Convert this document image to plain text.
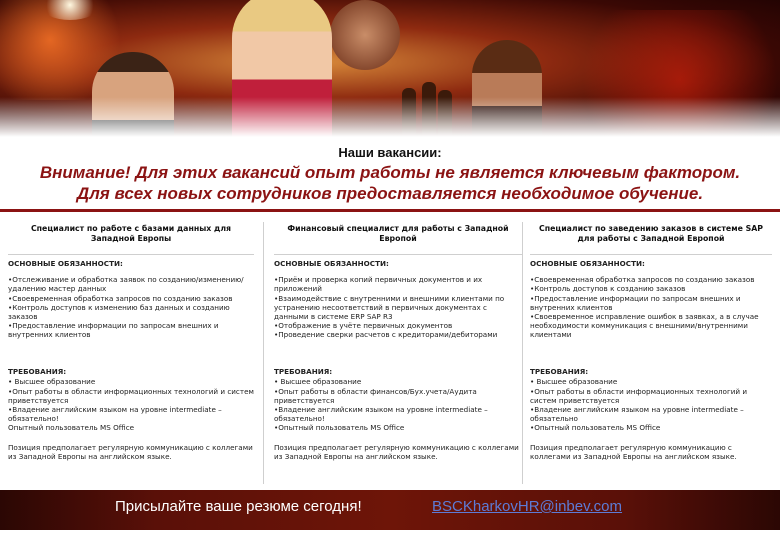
Наши вакансии:
Внимание! Для этих вакансий опыт работы не является ключевым фактором.
Для всех новых сотрудников предоставляется необходимое обучение.
Специалист по работе с базами данных для Западной Европы
ОСНОВНЫЕ ОБЯЗАННОСТИ:
•Отслеживание и обработка заявок по созданию/изменению/удалению мастер данных
•Своевременная обработка запросов по созданию заказов
•Контроль доступов к изменению баз данных и созданию заказов
•Предоставление информации по запросам внешних и внутренних клиентов
ТРЕБОВАНИЯ:
• Высшее образование
•Опыт работы в области информационных технологий и систем приветствуется
•Владение английским языком на уровне intermediate – обязательно!
Опытный пользователь MS Office
Позиция предполагает регулярную коммуникацию с коллегами из Западной Европы на английском языке.
Финансовый специалист для работы с Западной Европой
ОСНОВНЫЕ ОБЯЗАННОСТИ:
•Приём и проверка копий первичных документов и их приложений
•Взаимодействие с внутренними и внешними клиентами по устранению несоответствий в первичных документах с данными в системе ERP SAP R3
•Отображение в учёте первичных документов
•Проведение сверки расчетов с кредиторами/дебиторами
ТРЕБОВАНИЯ:
• Высшее образование
•Опыт работы в области финансов/Бух.учета/Аудита приветствуется
•Владение английским языком на уровне intermediate – обязательно!
•Опытный пользователь MS Office
Позиция предполагает регулярную коммуникацию с коллегами из Западной Европы на английском языке.
Специалист по заведению заказов в системе SAP для работы с Западной Европой
ОСНОВНЫЕ ОБЯЗАННОСТИ:
•Своевременная обработка запросов по созданию заказов
•Контроль доступов к созданию заказов
•Предоставление информации по запросам внешних и внутренних клиентов
•Своевременное исправление ошибок в заявках, а в случае необходимости коммуникация с внешними/внутренними клиентами
ТРЕБОВАНИЯ:
• Высшее образование
•Опыт работы в области информационных технологий и систем приветствуется
•Владение английским языком на уровне intermediate – обязательно
•Опытный пользователь MS Office
Позиция предполагает регулярную коммуникацию с коллегами из Западной Европы на английском языке.
Присылайте ваше резюме сегодня!	BSCKharkovHR@inbev.com
